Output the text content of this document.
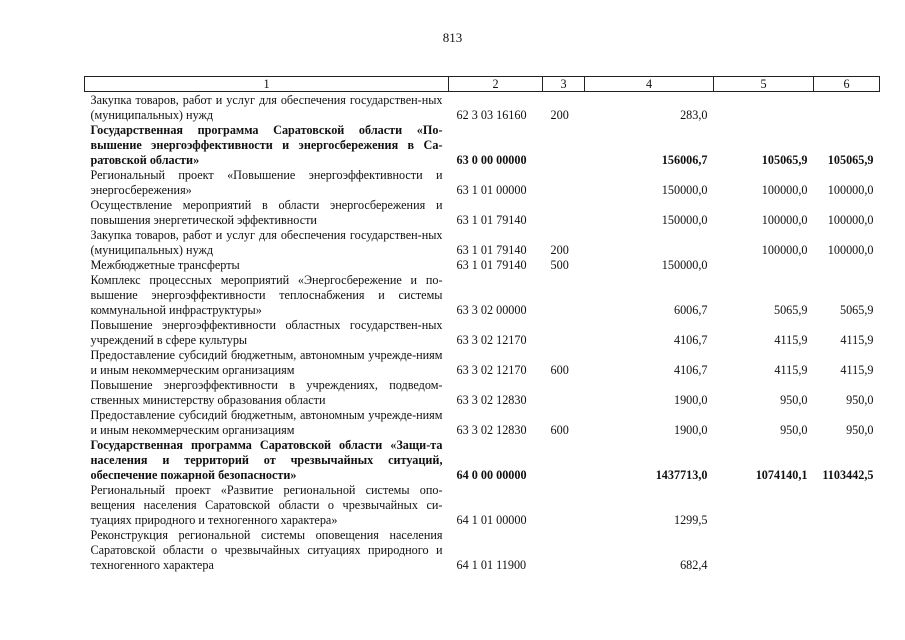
813
1	2	3	4	5	6
Закупка товаров, работ и услуг для обеспечения государствен-ных (муниципальных) нужд	62 3 03 16160	200	283,0		
Государственная программа Саратовской области «По-вышение энергоэффективности и энергосбережения в Са-ратовской области»	63 0 00 00000		156006,7	105065,9	105065,9
Региональный проект «Повышение энергоэффективности и энергосбережения»	63 1 01 00000		150000,0	100000,0	100000,0
Осуществление мероприятий в области энергосбережения и повышения энергетической эффективности	63 1 01 79140		150000,0	100000,0	100000,0
Закупка товаров, работ и услуг для обеспечения государствен-ных (муниципальных) нужд	63 1 01 79140	200		100000,0	100000,0
Межбюджетные трансферты	63 1 01 79140	500	150000,0		
Комплекс процессных мероприятий «Энергосбережение и по-вышение энергоэффективности теплоснабжения и системы коммунальной инфраструктуры»	63 3 02 00000		6006,7	5065,9	5065,9
Повышение энергоэффективности областных государствен-ных учреждений в сфере культуры	63 3 02 12170		4106,7	4115,9	4115,9
Предоставление субсидий бюджетным, автономным учрежде-ниям и иным некоммерческим организациям	63 3 02 12170	600	4106,7	4115,9	4115,9
Повышение энергоэффективности в учреждениях, подведом-ственных министерству образования области	63 3 02 12830		1900,0	950,0	950,0
Предоставление субсидий бюджетным, автономным учрежде-ниям и иным некоммерческим организациям	63 3 02 12830	600	1900,0	950,0	950,0
Государственная программа Саратовской области «Защи-та населения и территорий от чрезвычайных ситуаций, обеспечение пожарной безопасности»	64 0 00 00000		1437713,0	1074140,1	1103442,5
Региональный проект «Развитие региональной системы опо-вещения населения Саратовской области о чрезвычайных си-туациях природного и техногенного характера»	64 1 01 00000		1299,5		
Реконструкция региональной системы оповещения населения Саратовской области о чрезвычайных ситуациях природного и техногенного характера	64 1 01 11900		682,4		
